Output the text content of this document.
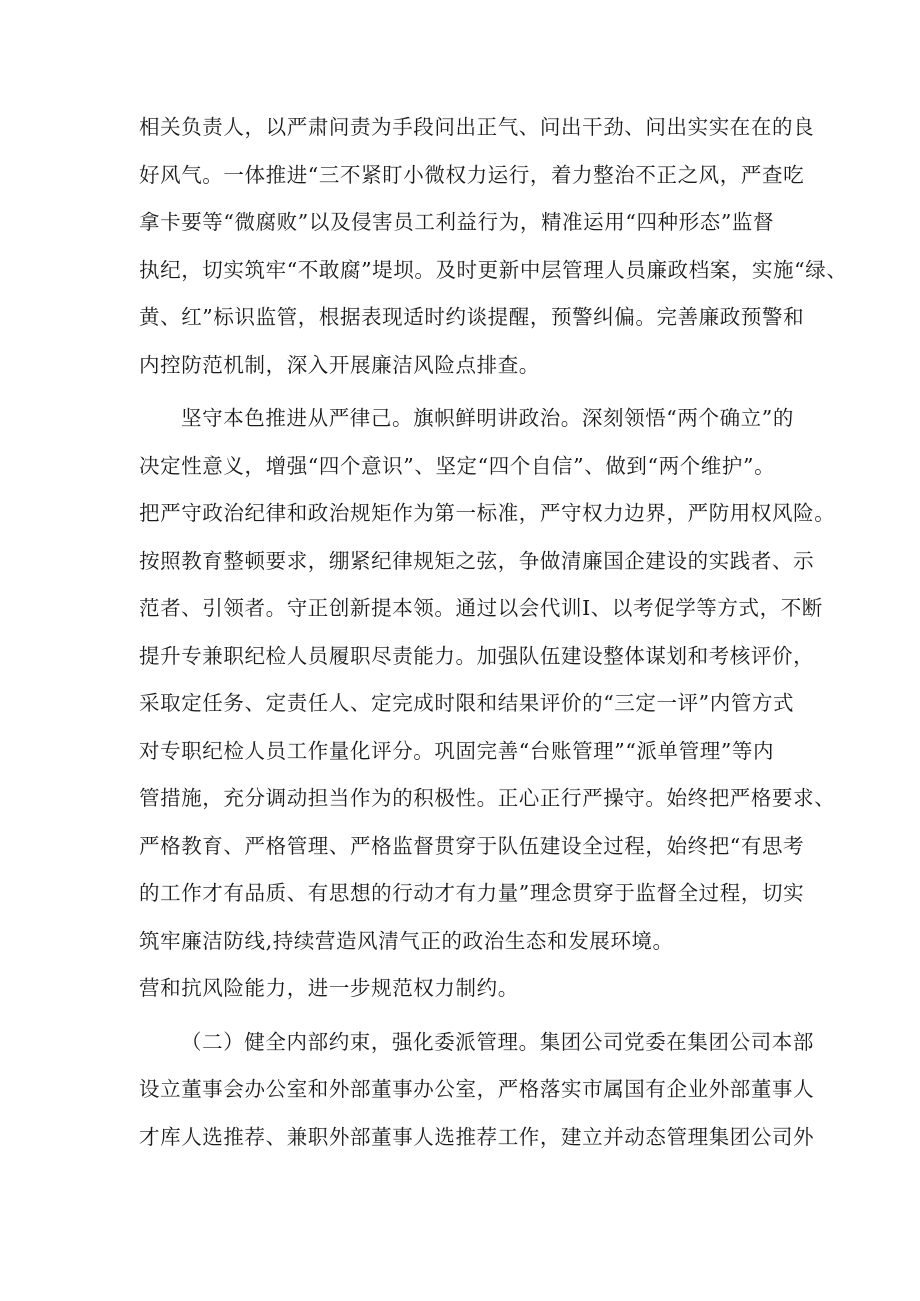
相关负责人，以严肃问责为手段问出正气、问出干劲、问出实实在在的良
好风气。一体推进“三不紧盯小微权力运行，着力整治不正之风，严查吃
拿卡要等“微腐败”以及侵害员工利益行为，精准运用“四种形态”监督
执纪，切实筑牢“不敢腐”堤坝。及时更新中层管理人员廉政档案，实施“绿、
黄、红”标识监管，根据表现适时约谈提醒，预警纠偏。完善廉政预警和
内控防范机制，深入开展廉洁风险点排查。
坚守本色推进从严律己。旗帜鲜明讲政治。深刻领悟“两个确立”的
决定性意义，增强“四个意识”、坚定“四个自信”、做到“两个维护”。
把严守政治纪律和政治规矩作为第一标准，严守权力边界，严防用权风险。
按照教育整顿要求，绷紧纪律规矩之弦，争做清廉国企建设的实践者、示
范者、引领者。守正创新提本领。通过以会代训I、以考促学等方式，不断
提升专兼职纪检人员履职尽责能力。加强队伍建设整体谋划和考核评价，
采取定任务、定责任人、定完成时限和结果评价的“三定一评”内管方式
对专职纪检人员工作量化评分。巩固完善“台账管理”“派单管理”等内
管措施，充分调动担当作为的积极性。正心正行严操守。始终把严格要求、
严格教育、严格管理、严格监督贯穿于队伍建设全过程，始终把“有思考
的工作才有品质、有思想的行动才有力量”理念贯穿于监督全过程，切实
筑牢廉洁防线,持续营造风清气正的政治生态和发展环境。
营和抗风险能力，进一步规范权力制约。
（二）健全内部约束，强化委派管理。集团公司党委在集团公司本部
设立董事会办公室和外部董事办公室，严格落实市属国有企业外部董事人
才库人选推荐、兼职外部董事人选推荐工作，建立并动态管理集团公司外
